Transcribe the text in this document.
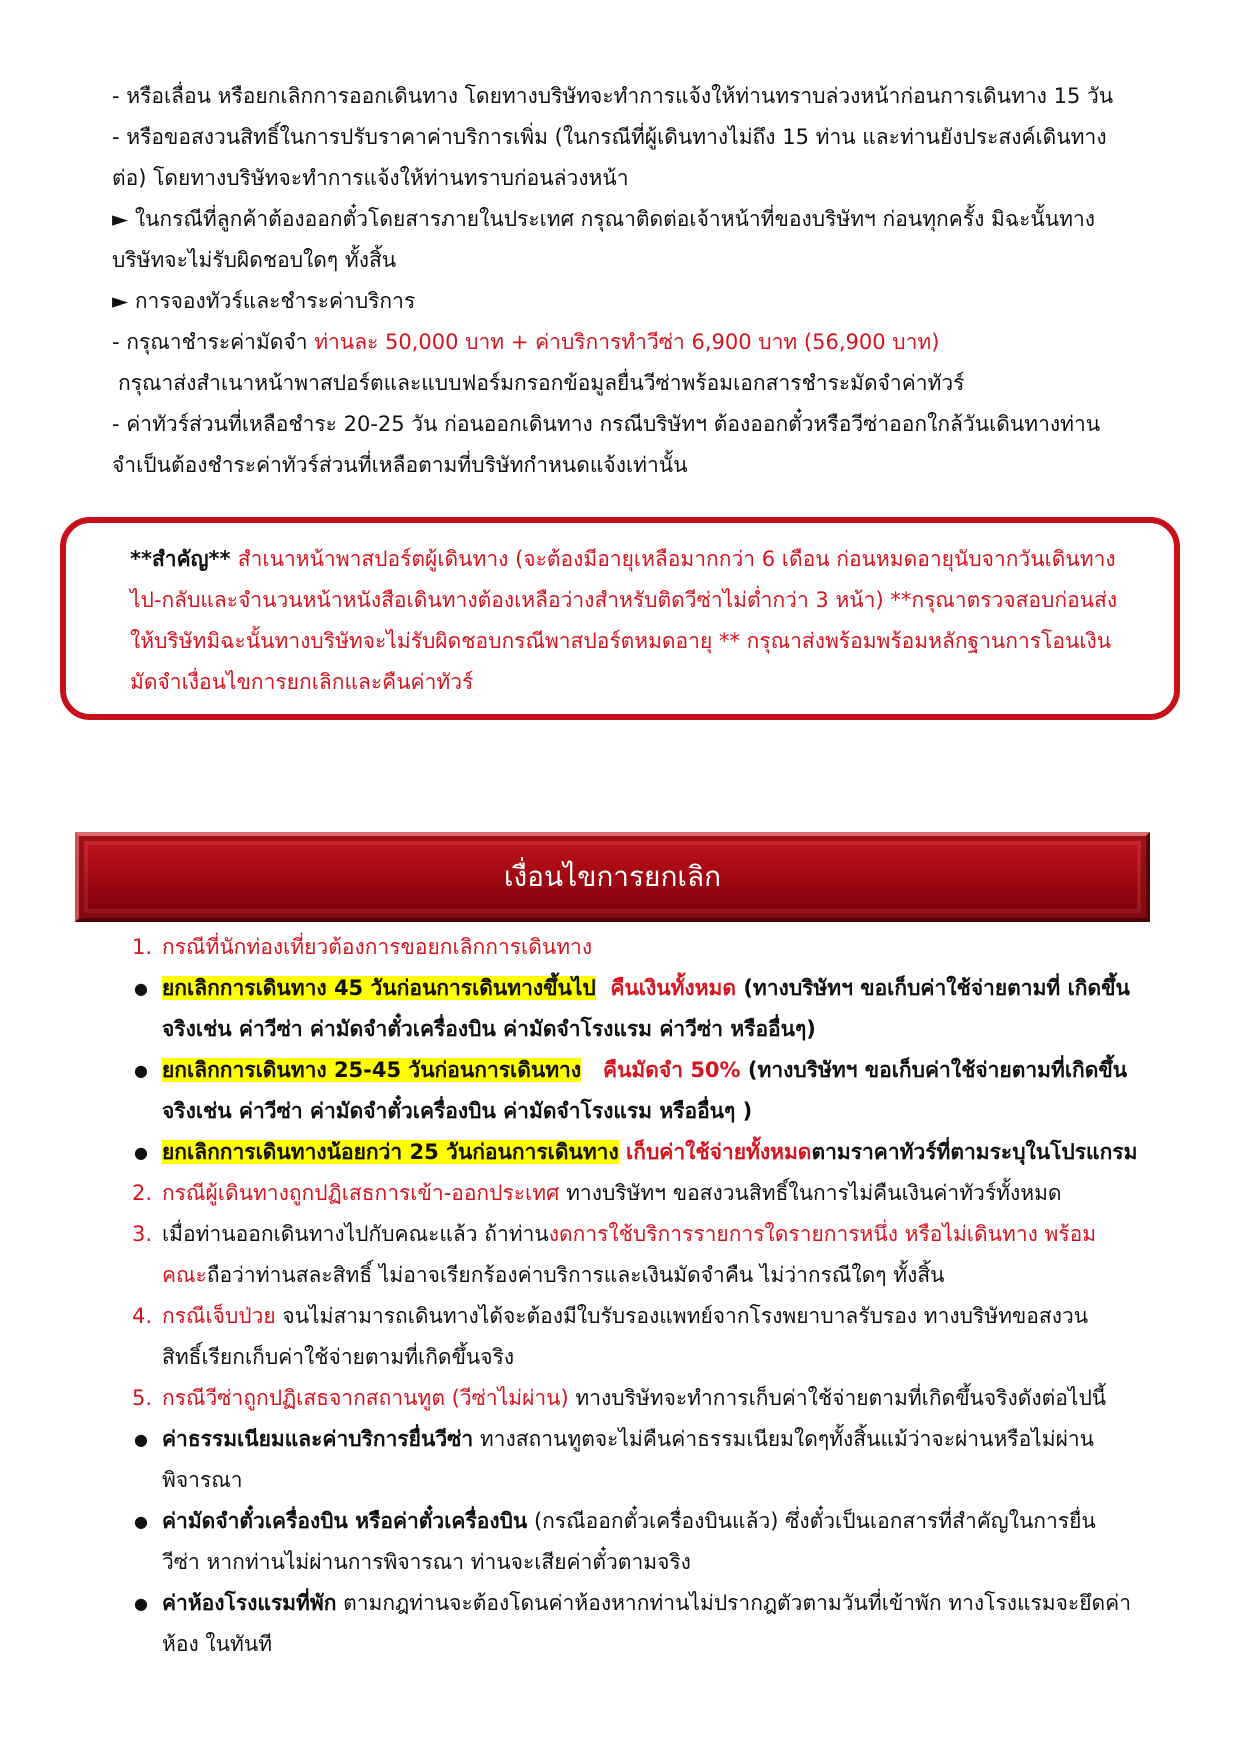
- หรือเลื่อน หรือยกเลิกการออกเดินทาง โดยทางบริษัทจะทำการแจ้งให้ท่านทราบล่วงหน้าก่อนการเดินทาง 15 วัน
- หรือขอสงวนสิทธิ์ในการปรับราคาค่าบริการเพิ่ม (ในกรณีที่ผู้เดินทางไม่ถึง 15 ท่าน และท่านยังประสงค์เดินทาง
ต่อ) โดยทางบริษัทจะทำการแจ้งให้ท่านทราบก่อนล่วงหน้า
► ในกรณีที่ลูกค้าต้องออกตั๋วโดยสารภายในประเทศ กรุณาติดต่อเจ้าหน้าที่ของบริษัทฯ ก่อนทุกครั้ง มิฉะนั้นทาง
บริษัทจะไม่รับผิดชอบใดๆ ทั้งสิ้น
► การจองทัวร์และชำระค่าบริการ
- กรุณาชำระค่ามัดจำ ท่านละ 50,000 บาท + ค่าบริการทำวีซ่า 6,900 บาท (56,900 บาท)
กรุณาส่งสำเนาหน้าพาสปอร์ตและแบบฟอร์มกรอกข้อมูลยื่นวีซ่าพร้อมเอกสารชำระมัดจำค่าทัวร์
- ค่าทัวร์ส่วนที่เหลือชำระ 20-25 วัน ก่อนออกเดินทาง กรณีบริษัทฯ ต้องออกตั๋วหรือวีซ่าออกใกล้วันเดินทางท่าน
จำเป็นต้องชำระค่าทัวร์ส่วนที่เหลือตามที่บริษัทกำหนดแจ้งเท่านั้น
**สำคัญ** สำเนาหน้าพาสปอร์ตผู้เดินทาง (จะต้องมีอายุเหลือมากกว่า 6 เดือน ก่อนหมดอายุนับจากวันเดินทาง
ไป-กลับและจำนวนหน้าหนังสือเดินทางต้องเหลือว่างสำหรับติดวีซ่าไม่ต่ำกว่า 3 หน้า) **กรุณาตรวจสอบก่อนส่ง
ให้บริษัทมิฉะนั้นทางบริษัทจะไม่รับผิดชอบกรณีพาสปอร์ตหมดอายุ ** กรุณาส่งพร้อมพร้อมหลักฐานการโอนเงิน
มัดจำเงื่อนไขการยกเลิกและคืนค่าทัวร์
เงื่อนไขการยกเลิก
1. กรณีที่นักท่องเที่ยวต้องการขอยกเลิกการเดินทาง
● ยกเลิกการเดินทาง 45 วันก่อนการเดินทางขึ้นไป คืนเงินทั้งหมด (ทางบริษัทฯ ขอเก็บค่าใช้จ่ายตามที่ เกิดขึ้น
จริงเช่น ค่าวีซ่า ค่ามัดจำตั๋วเครื่องบิน ค่ามัดจำโรงแรม ค่าวีซ่า หรืออื่นๆ)
● ยกเลิกการเดินทาง 25-45 วันก่อนการเดินทาง คืนมัดจำ 50% (ทางบริษัทฯ ขอเก็บค่าใช้จ่ายตามที่เกิดขึ้น
จริงเช่น ค่าวีซ่า ค่ามัดจำตั๋วเครื่องบิน ค่ามัดจำโรงแรม หรืออื่นๆ )
● ยกเลิกการเดินทางน้อยกว่า 25 วันก่อนการเดินทาง เก็บค่าใช้จ่ายทั้งหมดตามราคาทัวร์ที่ตามระบุในโปรแกรม
2. กรณีผู้เดินทางถูกปฏิเสธการเข้า-ออกประเทศ ทางบริษัทฯ ขอสงวนสิทธิ์ในการไม่คืนเงินค่าทัวร์ทั้งหมด
3. เมื่อท่านออกเดินทางไปกับคณะแล้ว ถ้าท่านงดการใช้บริการรายการใดรายการหนึ่ง หรือไม่เดินทาง พร้อม
คณะถือว่าท่านสละสิทธิ์ ไม่อาจเรียกร้องค่าบริการและเงินมัดจำคืน ไม่ว่ากรณีใดๆ ทั้งสิ้น
4. กรณีเจ็บป่วย จนไม่สามารถเดินทางได้จะต้องมีใบรับรองแพทย์จากโรงพยาบาลรับรอง ทางบริษัทขอสงวน
สิทธิ์เรียกเก็บค่าใช้จ่ายตามที่เกิดขึ้นจริง
5. กรณีวีซ่าถูกปฏิเสธจากสถานทูต (วีซ่าไม่ผ่าน) ทางบริษัทจะทำการเก็บค่าใช้จ่ายตามที่เกิดขึ้นจริงดังต่อไปนี้
● ค่าธรรมเนียมและค่าบริการยื่นวีซ่า ทางสถานทูตจะไม่คืนค่าธรรมเนียมใดๆทั้งสิ้นแม้ว่าจะผ่านหรือไม่ผ่าน
พิจารณา
● ค่ามัดจำตั๋วเครื่องบิน หรือค่าตั๋วเครื่องบิน (กรณีออกตั๋วเครื่องบินแล้ว) ซึ่งตั๋วเป็นเอกสารที่สำคัญในการยื่น
วีซ่า หากท่านไม่ผ่านการพิจารณา ท่านจะเสียค่าตั๋วตามจริง
● ค่าห้องโรงแรมที่พัก ตามกฎท่านจะต้องโดนค่าห้องหากท่านไม่ปรากฎตัวตามวันที่เข้าพัก ทางโรงแรมจะยึดค่า
ห้อง ในทันที
